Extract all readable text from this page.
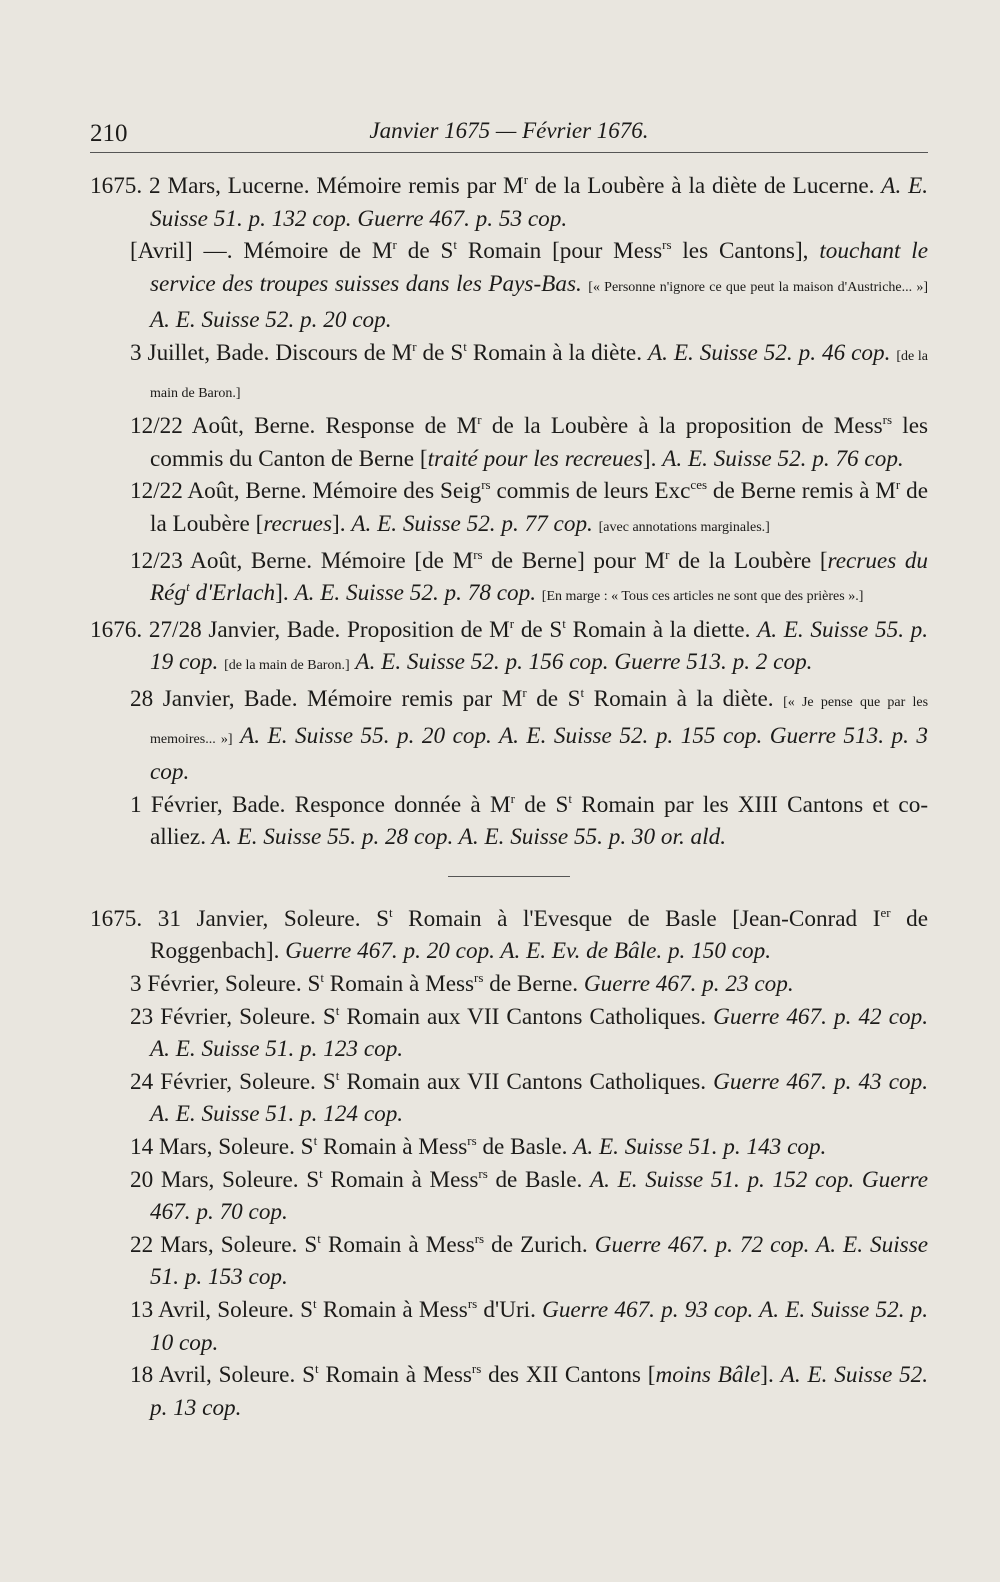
210	Janvier 1675 — Février 1676.
1675. 2 Mars, Lucerne. Mémoire remis par $M^r$ de la Loubère à la diète de Lucerne. A. E. Suisse 51. p. 132 cop. Guerre 467. p. 53 cop.
[Avril] —. Mémoire de $M^r$ de $S^t$ Romain [pour Mess$^{rs}$ les Cantons], touchant le service des troupes suisses dans les Pays-Bas. [« Personne n'ignore ce que peut la maison d'Austriche... »] A. E. Suisse 52. p. 20 cop.
3 Juillet, Bade. Discours de $M^r$ de $S^t$ Romain à la diète. A. E. Suisse 52. p. 46 cop. [de la main de Baron.]
12/22 Août, Berne. Response de $M^r$ de la Loubère à la proposition de Mess$^{rs}$ les commis du Canton de Berne [traité pour les recreues]. A. E. Suisse 52. p. 76 cop.
12/22 Août, Berne. Mémoire des Seig$^{rs}$ commis de leurs Exc$^{ces}$ de Berne remis à $M^r$ de la Loubère [recrues]. A. E. Suisse 52. p. 77 cop. [avec annotations marginales.]
12/23 Août, Berne. Mémoire [de $M^{rs}$ de Berne] pour $M^r$ de la Loubère [recrues du Rég$^t$ d'Erlach]. A. E. Suisse 52. p. 78 cop. [En marge : « Tous ces articles ne sont que des prières ».]
1676. 27/28 Janvier, Bade. Proposition de $M^r$ de $S^t$ Romain à la diette. A. E. Suisse 55. p. 19 cop. [de la main de Baron.] A. E. Suisse 52. p. 156 cop. Guerre 513. p. 2 cop.
28 Janvier, Bade. Mémoire remis par $M^r$ de $S^t$ Romain à la diète. [« Je pense que par les memoires... »] A. E. Suisse 55. p. 20 cop. A. E. Suisse 52. p. 155 cop. Guerre 513. p. 3 cop.
1 Février, Bade. Responce donnée à $M^r$ de $S^t$ Romain par les XIII Cantons et co-alliez. A. E. Suisse 55. p. 28 cop. A. E. Suisse 55. p. 30 or. ald.
1675. 31 Janvier, Soleure. $S^t$ Romain à l'Evesque de Basle [Jean-Conrad Ier de Roggenbach]. Guerre 467. p. 20 cop. A. E. Ev. de Bâle. p. 150 cop.
3 Février, Soleure. $S^t$ Romain à Mess$^{rs}$ de Berne. Guerre 467. p. 23 cop.
23 Février, Soleure. $S^t$ Romain aux VII Cantons Catholiques. Guerre 467. p. 42 cop. A. E. Suisse 51. p. 123 cop.
24 Février, Soleure. $S^t$ Romain aux VII Cantons Catholiques. Guerre 467. p. 43 cop. A. E. Suisse 51. p. 124 cop.
14 Mars, Soleure. $S^t$ Romain à Mess$^{rs}$ de Basle. A. E. Suisse 51. p. 143 cop.
20 Mars, Soleure. $S^t$ Romain à Mess$^{rs}$ de Basle. A. E. Suisse 51. p. 152 cop. Guerre 467. p. 70 cop.
22 Mars, Soleure. $S^t$ Romain à Mess$^{rs}$ de Zurich. Guerre 467. p. 72 cop. A. E. Suisse 51. p. 153 cop.
13 Avril, Soleure. $S^t$ Romain à Mess$^{rs}$ d'Uri. Guerre 467. p. 93 cop. A. E. Suisse 52. p. 10 cop.
18 Avril, Soleure. $S^t$ Romain à Mess$^{rs}$ des XII Cantons [moins Bâle]. A. E. Suisse 52. p. 13 cop.
